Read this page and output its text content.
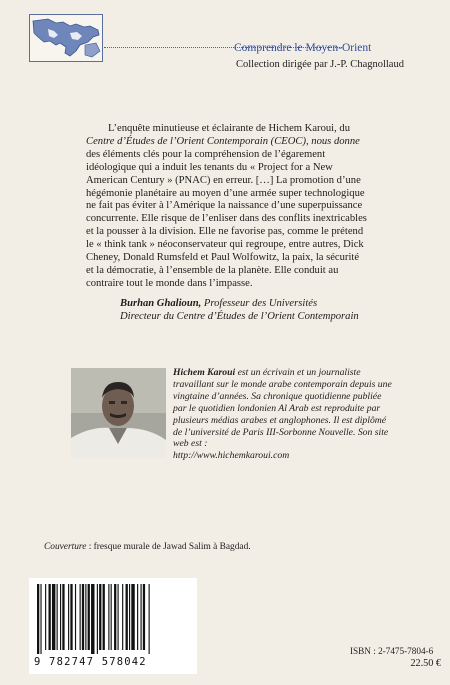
Comprendre le Moyen-Orient
Collection dirigée par J.-P. Chagnollaud
L’enquête minutieuse et éclairante de Hichem Karoui, du
Centre d’Études de l’Orient Contemporain (CEOC), nous donne
des éléments clés pour la compréhension de l’égarement
idéologique qui a induit les tenants du « Project for a New
American Century » (PNAC) en erreur. […] La promotion d’une
hégémonie planétaire au moyen d’une armée super technologique
ne fait pas éviter à l’Amérique la naissance d’une superpuissance
concurrente. Elle risque de l’enliser dans des conflits inextricables
et la pousser à la division. Elle ne favorise pas, comme le prétend
le « think tank » néoconservateur qui regroupe, entre autres, Dick
Cheney, Donald Rumsfeld et Paul Wolfowitz, la paix, la sécurité
et la démocratie, à l’ensemble de la planète. Elle conduit au
contraire tout le monde dans l’impasse.
Burhan Ghalioun, Professeur des Universités
Directeur du Centre d’Études de l’Orient Contemporain
Hichem Karoui est un écrivain et un journaliste
travaillant sur le monde arabe contemporain depuis une
vingtaine d’années. Sa chronique quotidienne publiée
par le quotidien londonien Al Arab est reproduite par
plusieurs médias arabes et anglophones. Il est diplômé
de l’université de Paris III-Sorbonne Nouvelle. Son site
web est :
http://www.hichemkaroui.com
Couverture : fresque murale de Jawad Salim à Bagdad.
9 782747 578042
ISBN : 2-7475-7804-6
22.50 €
